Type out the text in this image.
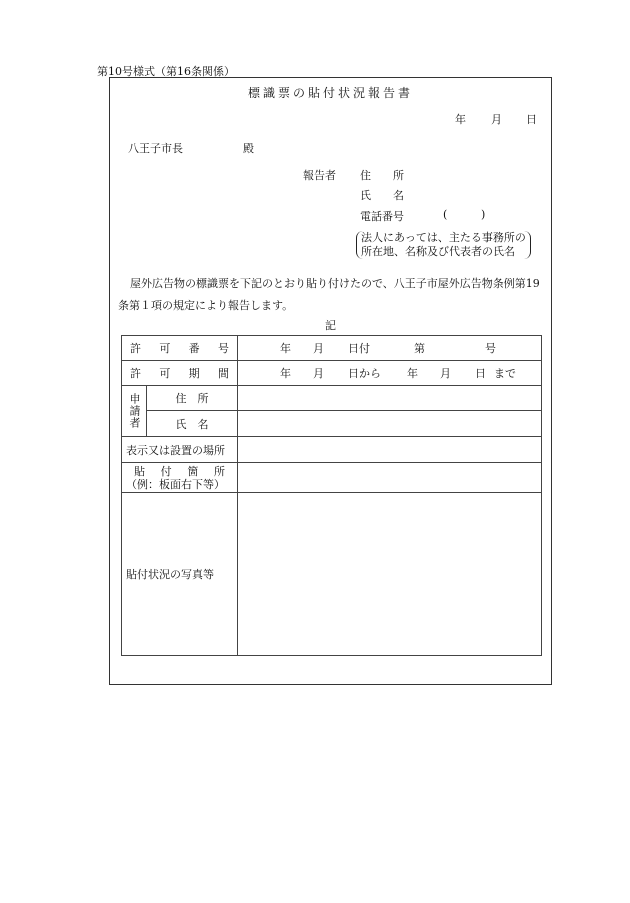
第10号様式（第16条関係）
標識票の貼付状況報告書
年 月 日
八王子市長	殿
報告者 住　　所
氏　　名
電話番号	(	)
法人にあっては、主たる事務所の
所在地、名称及び代表者の氏名
屋外広告物の標識票を下記のとおり貼り付けたので、八王子市屋外広告物条例第19条第１項の規定により報告します。
記
許可番号		年 月 日付 第 号
許可期間		年 月 日から 年 月 日 まで
申請者	住　所	
	氏　名	
表示又は設置の場所		

貼付箇所
（例：板面右下等）		

貼付状況の写真等		
